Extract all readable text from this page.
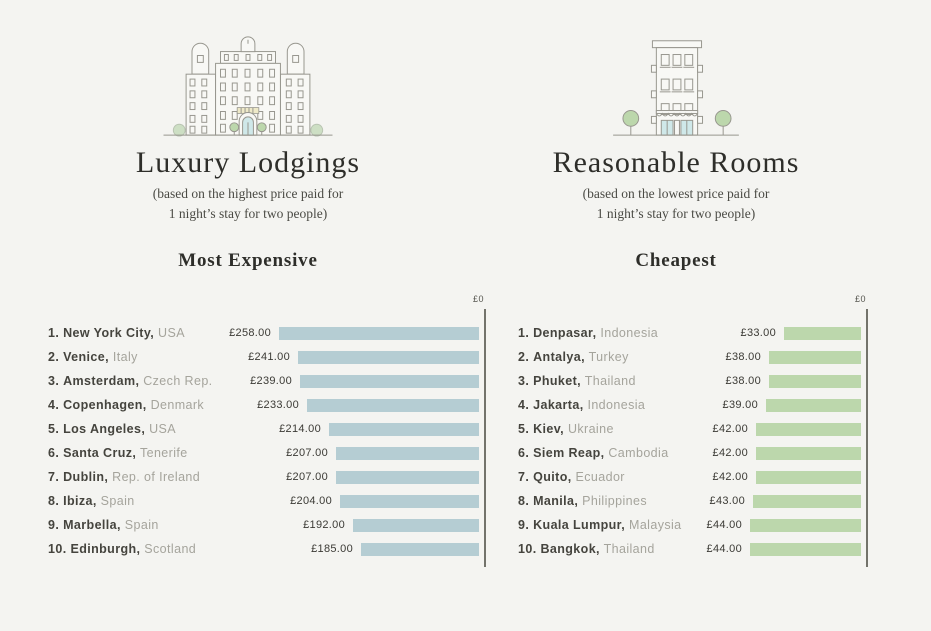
Luxury Lodgings

(based on the highest price paid for
1 night’s stay for two people)

Most Expensive
£0
1. New York City, USA	£258.00
2. Venice, Italy	£241.00
3. Amsterdam, Czech Rep.	£239.00
4. Copenhagen, Denmark	£233.00
5. Los Angeles, USA	£214.00
6. Santa Cruz, Tenerife	£207.00
7. Dublin, Rep. of Ireland	£207.00
8. Ibiza, Spain	£204.00
9. Marbella, Spain	£192.00
10. Edinburgh, Scotland	£185.00
Reasonable Rooms

(based on the lowest price paid for
1 night’s stay for two people)

Cheapest
£0
1. Denpasar, Indonesia	£33.00
2. Antalya, Turkey	£38.00
3. Phuket, Thailand	£38.00
4. Jakarta, Indonesia	£39.00
5. Kiev, Ukraine	£42.00
6. Siem Reap, Cambodia	£42.00
7. Quito, Ecuador	£42.00
8. Manila, Philippines	£43.00
9. Kuala Lumpur, Malaysia	£44.00
10. Bangkok, Thailand	£44.00
